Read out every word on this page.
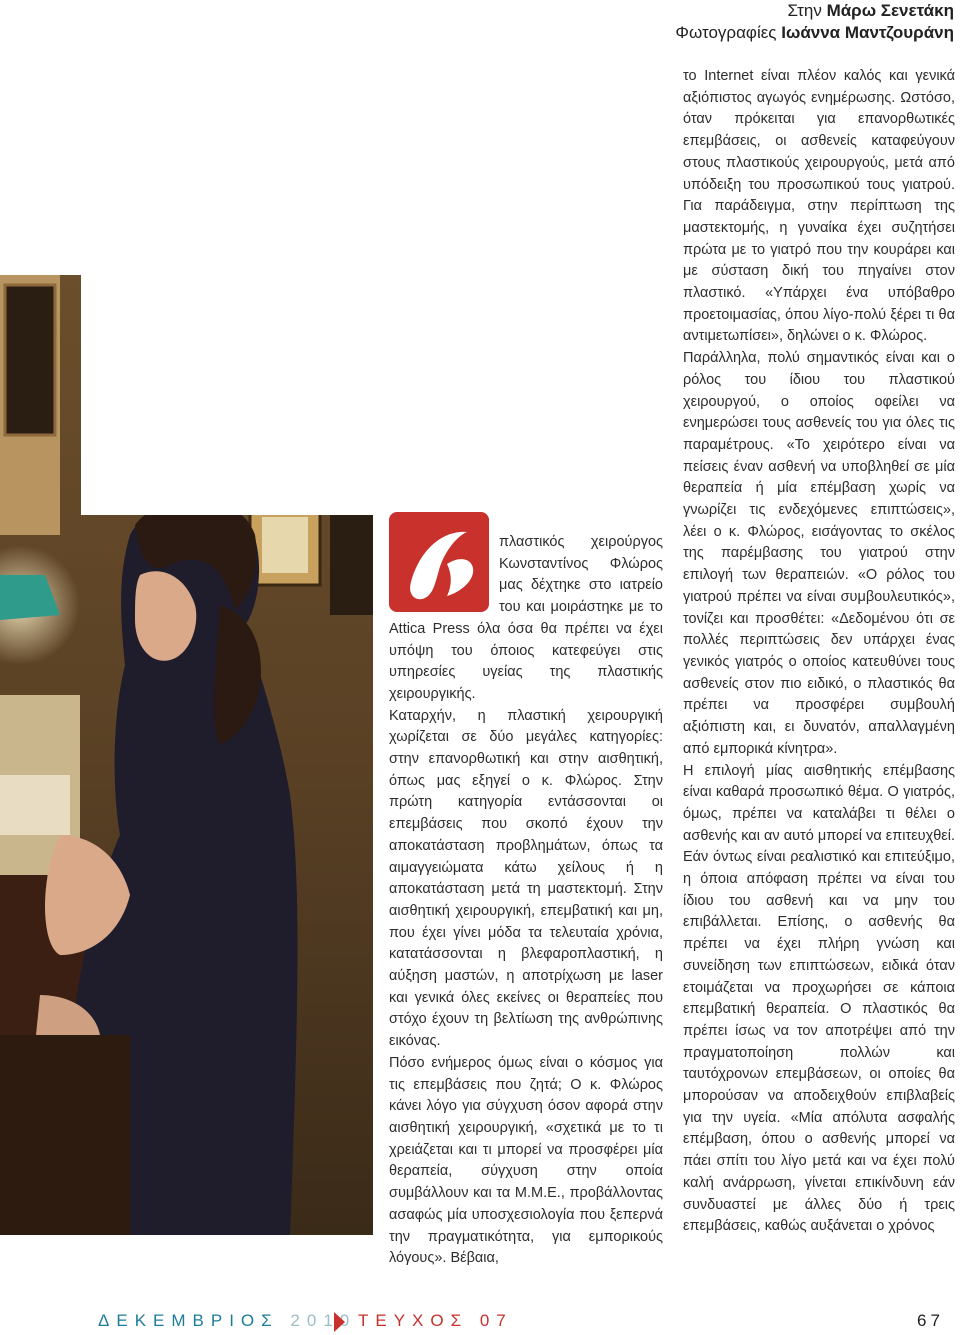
Στην Μάρω Σενετάκη
Φωτογραφίες Ιωάννα Μαντζουράνη

πλαστικός χειρούργος Κωνσταντίνος Φλώρος μας δέχτηκε στο ιατρείο του και μοιράστηκε με το Attica Press όλα όσα θα πρέπει να έχει υπόψη του όποιος κατεφεύγει στις υπηρεσίες υγείας της πλαστικής χειρουργικής.

Καταρχήν, η πλαστική χειρουργική χωρίζεται σε δύο μεγάλες κατηγορίες: στην επανορθωτική και στην αισθητική, όπως μας εξηγεί ο κ. Φλώρος. Στην πρώτη κατηγορία εντάσσονται οι επεμβάσεις που σκοπό έχουν την αποκατάσταση προβλημάτων, όπως τα αιμαγγειώματα κάτω χείλους ή η αποκατάσταση μετά τη μαστεκτομή. Στην αισθητική χειρουργική, επεμβατική και μη, που έχει γίνει μόδα τα τελευταία χρόνια, κατατάσσονται η βλεφαροπλαστική, η αύξηση μαστών, η αποτρίχωση με laser και γενικά όλες εκείνες οι θεραπείες που στόχο έχουν τη βελτίωση της ανθρώπινης εικόνας.

Πόσο ενήμερος όμως είναι ο κόσμος για τις επεμβάσεις που ζητά; Ο κ. Φλώρος κάνει λόγο για σύγχυση όσον αφορά στην αισθητική χειρουργική, «σχετικά με το τι χρειάζεται και τι μπορεί να προσφέρει μία θεραπεία, σύγχυση στην οποία συμβάλλουν και τα Μ.Μ.Ε., προβάλλοντας ασαφώς μία υποσχεσιολογία που ξεπερνά την πραγματικότητα, για εμπορικούς λόγους». Βέβαια,

το Internet είναι πλέον καλός και γενικά αξιόπιστος αγωγός ενημέρωσης. Ωστόσο, όταν πρόκειται για επανορθωτικές επεμβάσεις, οι ασθενείς καταφεύγουν στους πλαστικούς χειρουργούς, μετά από υπόδειξη του προσωπικού τους γιατρού. Για παράδειγμα, στην περίπτωση της μαστεκτομής, η γυναίκα έχει συζητήσει πρώτα με το γιατρό που την κουράρει και με σύσταση δική του πηγαίνει στον πλαστικό. «Υπάρχει ένα υπόβαθρο προετοιμασίας, όπου λίγο-πολύ ξέρει τι θα αντιμετωπίσει», δηλώνει ο κ. Φλώρος.

Παράλληλα, πολύ σημαντικός είναι και ο ρόλος του ίδιου του πλαστικού χειρουργού, ο οποίος οφείλει να ενημερώσει τους ασθενείς του για όλες τις παραμέτρους. «Το χειρότερο είναι να πείσεις έναν ασθενή να υποβληθεί σε μία θεραπεία ή μία επέμβαση χωρίς να γνωρίζει τις ενδεχόμενες επιπτώσεις», λέει ο κ. Φλώρος, εισάγοντας το σκέλος της παρέμβασης του γιατρού στην επιλογή των θεραπειών. «Ο ρόλος του γιατρού πρέπει να είναι συμβουλευτικός», τονίζει και προσθέτει: «Δεδομένου ότι σε πολλές περιπτώσεις δεν υπάρχει ένας γενικός γιατρός ο οποίος κατευθύνει τους ασθενείς στον πιο ειδικό, ο πλαστικός θα πρέπει να προσφέρει συμβουλή αξιόπιστη και, ει δυνατόν, απαλλαγμένη από εμπορικά κίνητρα».

Η επιλογή μίας αισθητικής επέμβασης είναι καθαρά προσωπικό θέμα. Ο γιατρός, όμως, πρέπει να καταλάβει τι θέλει ο ασθενής και αν αυτό μπορεί να επιτευχθεί. Εάν όντως είναι ρεαλιστικό και επιτεύξιμο, η όποια απόφαση πρέπει να είναι του ίδιου του ασθενή και να μην του επιβάλλεται. Επίσης, ο ασθενής θα πρέπει να έχει πλήρη γνώση και συνείδηση των επιπτώσεων, ειδικά όταν ετοιμάζεται να προχωρήσει σε κάποια επεμβατική θεραπεία. Ο πλαστικός θα πρέπει ίσως να τον αποτρέψει από την πραγματοποίηση πολλών και ταυτόχρονων επεμβάσεων, οι οποίες θα μπορούσαν να αποδειχθούν επιβλαβείς για την υγεία. «Μία απόλυτα ασφαλής επέμβαση, όπου ο ασθενής μπορεί να πάει σπίτι του λίγο μετά και να έχει πολύ καλή ανάρρωση, γίνεται επικίνδυνη εάν συνδυαστεί με άλλες δύο ή τρεις επεμβάσεις, καθώς αυξάνεται ο χρόνος

ΔΕΚΕΜΒΡΙΟΣ 2010 ΤΕΥΧΟΣ 07	67
